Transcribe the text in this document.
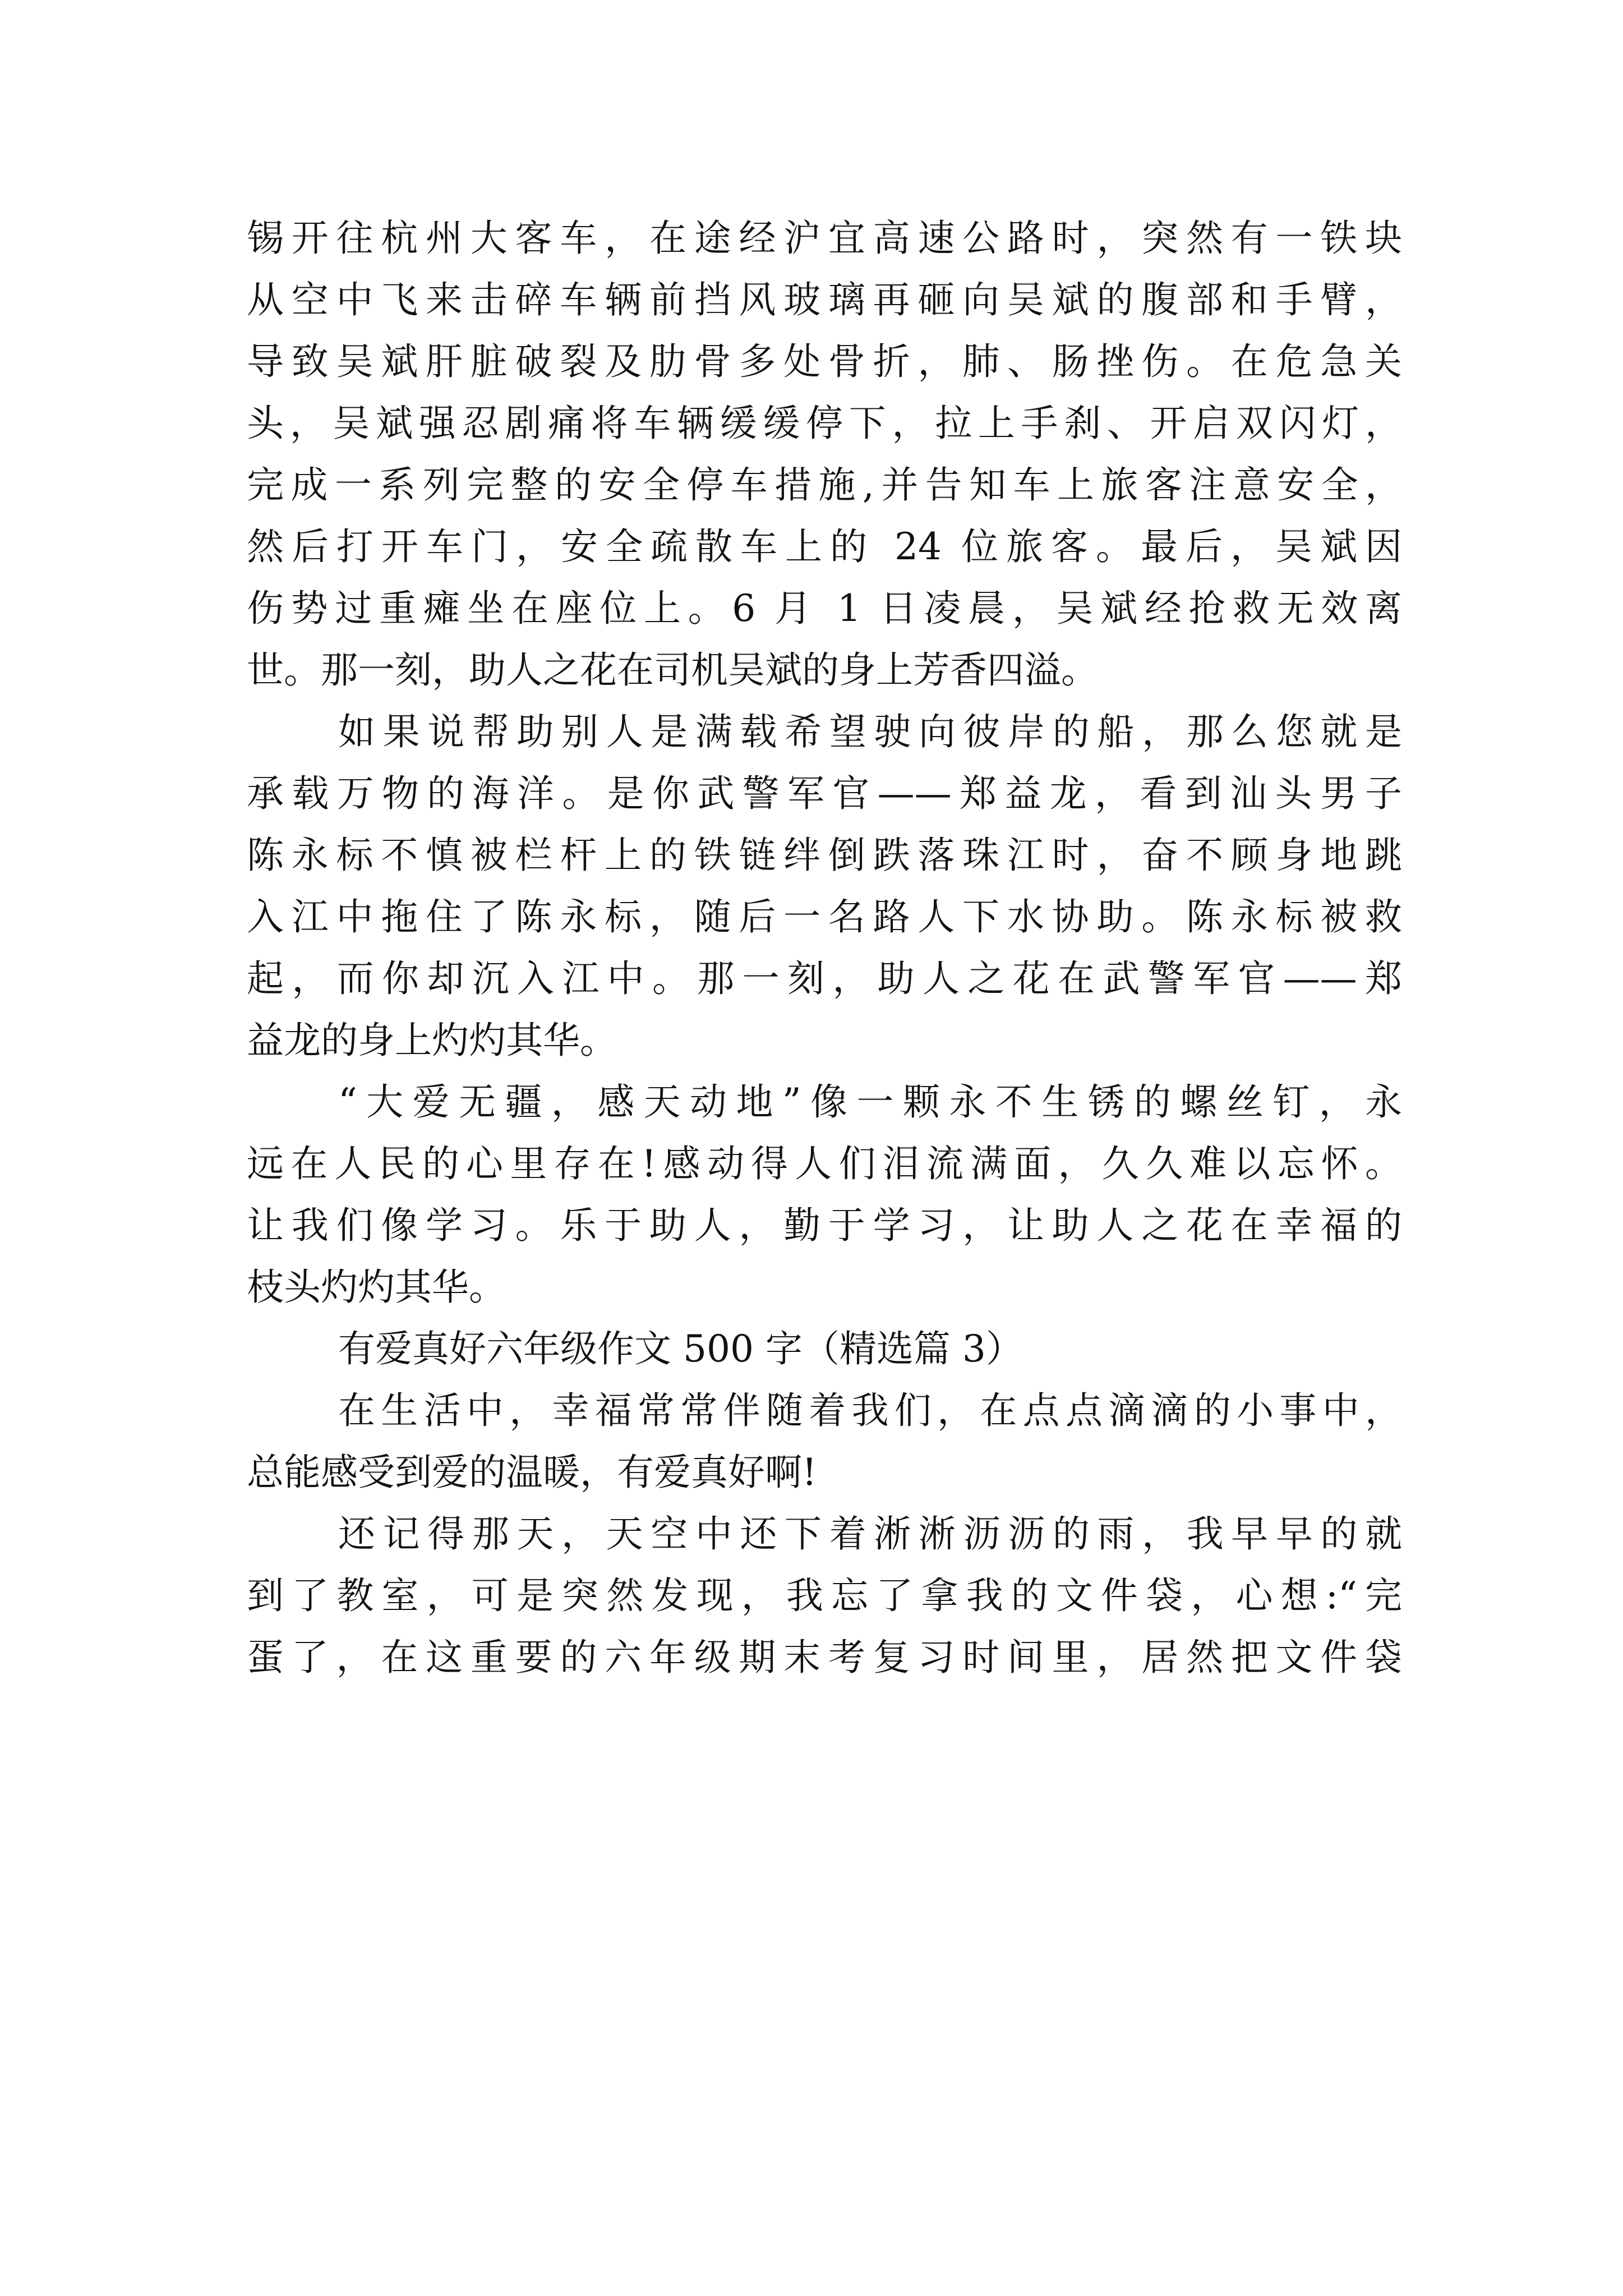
锡开往杭州大客车，在途经沪宜高速公路时，突然有一铁块
从空中飞来击碎车辆前挡风玻璃再砸向吴斌的腹部和手臂，
导致吴斌肝脏破裂及肋骨多处骨折，肺、肠挫伤。在危急关
头，吴斌强忍剧痛将车辆缓缓停下，拉上手刹、开启双闪灯，
完成一系列完整的安全停车措施,并告知车上旅客注意安全，
然后打开车门，安全疏散车上的 24 位旅客。最后，吴斌因
伤势过重瘫坐在座位上。6 月 1 日凌晨，吴斌经抢救无效离
世。那一刻，助人之花在司机吴斌的身上芳香四溢。
如果说帮助别人是满载希望驶向彼岸的船，那么您就是
承载万物的海洋。是你武警军官——郑益龙，看到汕头男子
陈永标不慎被栏杆上的铁链绊倒跌落珠江时，奋不顾身地跳
入江中拖住了陈永标，随后一名路人下水协助。陈永标被救
起，而你却沉入江中。那一刻，助人之花在武警军官——郑
益龙的身上灼灼其华。
“大爱无疆，感天动地”像一颗永不生锈的螺丝钉，永
远在人民的心里存在!感动得人们泪流满面，久久难以忘怀。
让我们像学习。乐于助人，勤于学习，让助人之花在幸福的
枝头灼灼其华。
有爱真好六年级作文 500 字（精选篇 3）
在生活中，幸福常常伴随着我们，在点点滴滴的小事中，
总能感受到爱的温暖，有爱真好啊!
还记得那天，天空中还下着淅淅沥沥的雨，我早早的就
到了教室，可是突然发现，我忘了拿我的文件袋，心想:“完
蛋了，在这重要的六年级期末考复习时间里，居然把文件袋
